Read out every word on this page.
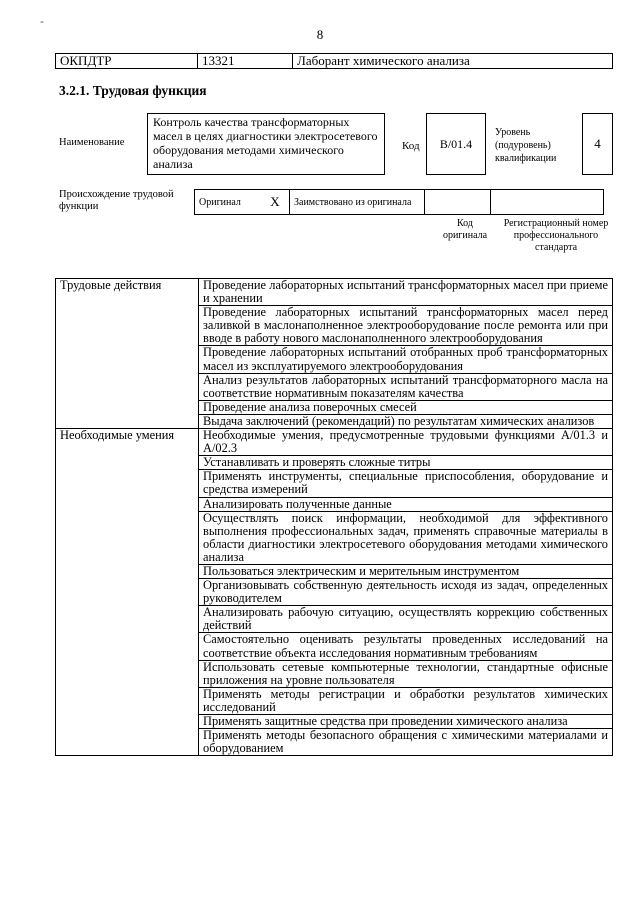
-
8
ОКПДТР	13321	Лаборант химического анализа
3.2.1. Трудовая функция
Наименование
Контроль качества трансформаторных масел в целях диагностики электросетевого оборудования методами химического анализа
Код	В/01.4
Уровень (подуровень) квалификации
4
Происхождение трудовой функции	Оригинал	X	Заимствовано из оригинала		
Код оригинала
Регистрационный номер профессионального стандарта
Трудовые действия	Проведение лабораторных испытаний трансформаторных масел при приеме и хранении
	Проведение лабораторных испытаний трансформаторных масел перед заливкой в маслонаполненное электрооборудование после ремонта или при вводе в работу нового маслонаполненного электрооборудования
	Проведение лабораторных испытаний отобранных проб трансформаторных масел из эксплуатируемого электрооборудования
	Анализ результатов лабораторных испытаний трансформаторного масла на соответствие нормативным показателям качества
	Проведение анализа поверочных смесей
	Выдача заключений (рекомендаций) по результатам химических анализов
Необходимые умения	Необходимые умения, предусмотренные трудовыми функциями А/01.3 и А/02.3
	Устанавливать и проверять сложные титры
	Применять инструменты, специальные приспособления, оборудование и средства измерений
	Анализировать полученные данные
	Осуществлять поиск информации, необходимой для эффективного выполнения профессиональных задач, применять справочные материалы в области диагностики электросетевого оборудования методами химического анализа
	Пользоваться электрическим и мерительным инструментом
	Организовывать собственную деятельность исходя из задач, определенных руководителем
	Анализировать рабочую ситуацию, осуществлять коррекцию собственных действий
	Самостоятельно оценивать результаты проведенных исследований на соответствие объекта исследования нормативным требованиям
	Использовать сетевые компьютерные технологии, стандартные офисные приложения на уровне пользователя
	Применять методы регистрации и обработки результатов химических исследований
	Применять защитные средства при проведении химического анализа
	Применять методы безопасного обращения с химическими материалами и оборудованием
